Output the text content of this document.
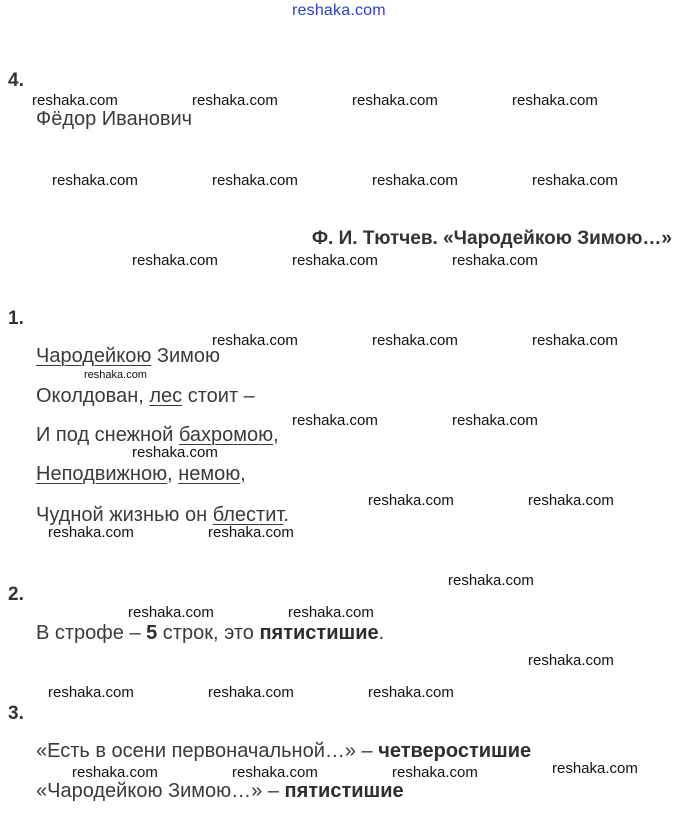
reshaka.com
4.
Фёдор Иванович
Ф. И. Тютчев. «Чародейкою Зимою…»
1.
Чародейкою Зимою
Околдован, лес стоит –
И под снежной бахромою,
Неподвижною, немою,
Чудной жизнью он блестит.
2.
В строфе – 5 строк, это пятистишие.
3.
«Есть в осени первоначальной…» – четверостишие
«Чародейкою Зимою…» – пятистишие
reshaka.com	reshaka.com	reshaka.com	reshaka.com
reshaka.com	reshaka.com	reshaka.com	reshaka.com
reshaka.com	reshaka.com	reshaka.com
reshaka.com	reshaka.com	reshaka.com
reshaka.com
reshaka.com	reshaka.com
reshaka.com
reshaka.com	reshaka.com
reshaka.com	reshaka.com
reshaka.com
reshaka.com	reshaka.com
reshaka.com
reshaka.com	reshaka.com	reshaka.com
reshaka.com	reshaka.com	reshaka.com	reshaka.com
